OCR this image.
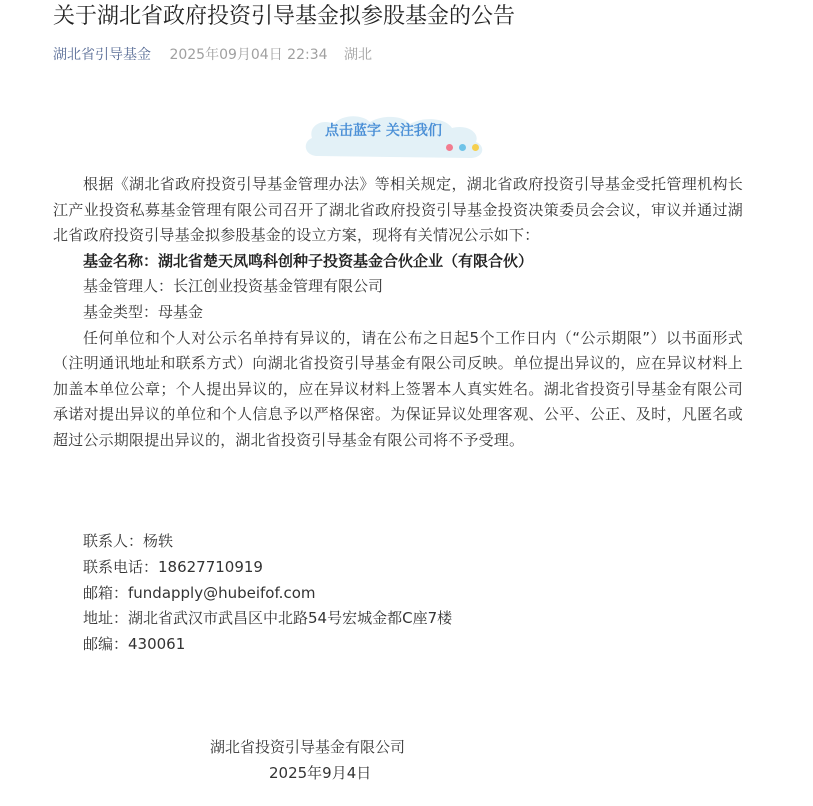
关于湖北省政府投资引导基金拟参股基金的公告
湖北省引导基金 2025年09月04日 22:34 湖北
点击蓝字 关注我们

根据《湖北省政府投资引导基金管理办法》等相关规定，湖北省政府投资引导基金受托管理机构长江产业投资私募基金管理有限公司召开了湖北省政府投资引导基金投资决策委员会会议，审议并通过湖北省政府投资引导基金拟参股基金的设立方案，现将有关情况公示如下：

基金名称：湖北省楚天凤鸣科创种子投资基金合伙企业（有限合伙）

基金管理人：长江创业投资基金管理有限公司

基金类型：母基金

任何单位和个人对公示名单持有异议的，请在公布之日起5个工作日内（“公示期限”）以书面形式（注明通讯地址和联系方式）向湖北省投资引导基金有限公司反映。单位提出异议的，应在异议材料上加盖本单位公章；个人提出异议的，应在异议材料上签署本人真实姓名。湖北省投资引导基金有限公司承诺对提出异议的单位和个人信息予以严格保密。为保证异议处理客观、公平、公正、及时，凡匿名或超过公示期限提出异议的，湖北省投资引导基金有限公司将不予受理。

联系人：杨轶

联系电话：18627710919

邮箱：fundapply@hubeifof.com

地址：湖北省武汉市武昌区中北路54号宏城金都C座7楼

邮编：430061

湖北省投资引导基金有限公司

2025年9月4日
